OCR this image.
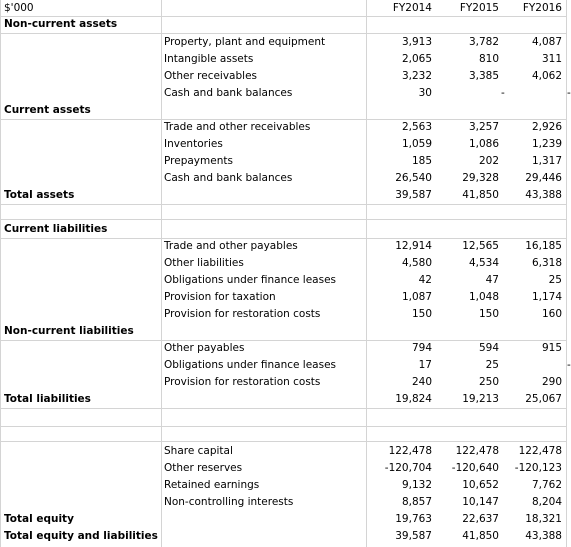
$'000	FY2014	FY2015	FY2016
Non-current assets
Property, plant and equipment	3,913	3,782	4,087
Intangible assets	2,065	810	311
Other receivables	3,232	3,385	4,062
Cash and bank balances	30	-	-
Current assets
Trade and other receivables	2,563	3,257	2,926
Inventories	1,059	1,086	1,239
Prepayments	185	202	1,317
Cash and bank balances	26,540	29,328	29,446
Total assets	39,587	41,850	43,388
Current liabilities
Trade and other payables	12,914	12,565	16,185
Other liabilities	4,580	4,534	6,318
Obligations under finance leases	42	47	25
Provision for taxation	1,087	1,048	1,174
Provision for restoration costs	150	150	160
Non-current liabilities
Other payables	794	594	915
Obligations under finance leases	17	25	-
Provision for restoration costs	240	250	290
Total liabilities	19,824	19,213	25,067
Share capital	122,478	122,478	122,478
Other reserves	-120,704	-120,640	-120,123
Retained earnings	9,132	10,652	7,762
Non-controlling interests	8,857	10,147	8,204
Total equity	19,763	22,637	18,321
Total equity and liabilities	39,587	41,850	43,388
